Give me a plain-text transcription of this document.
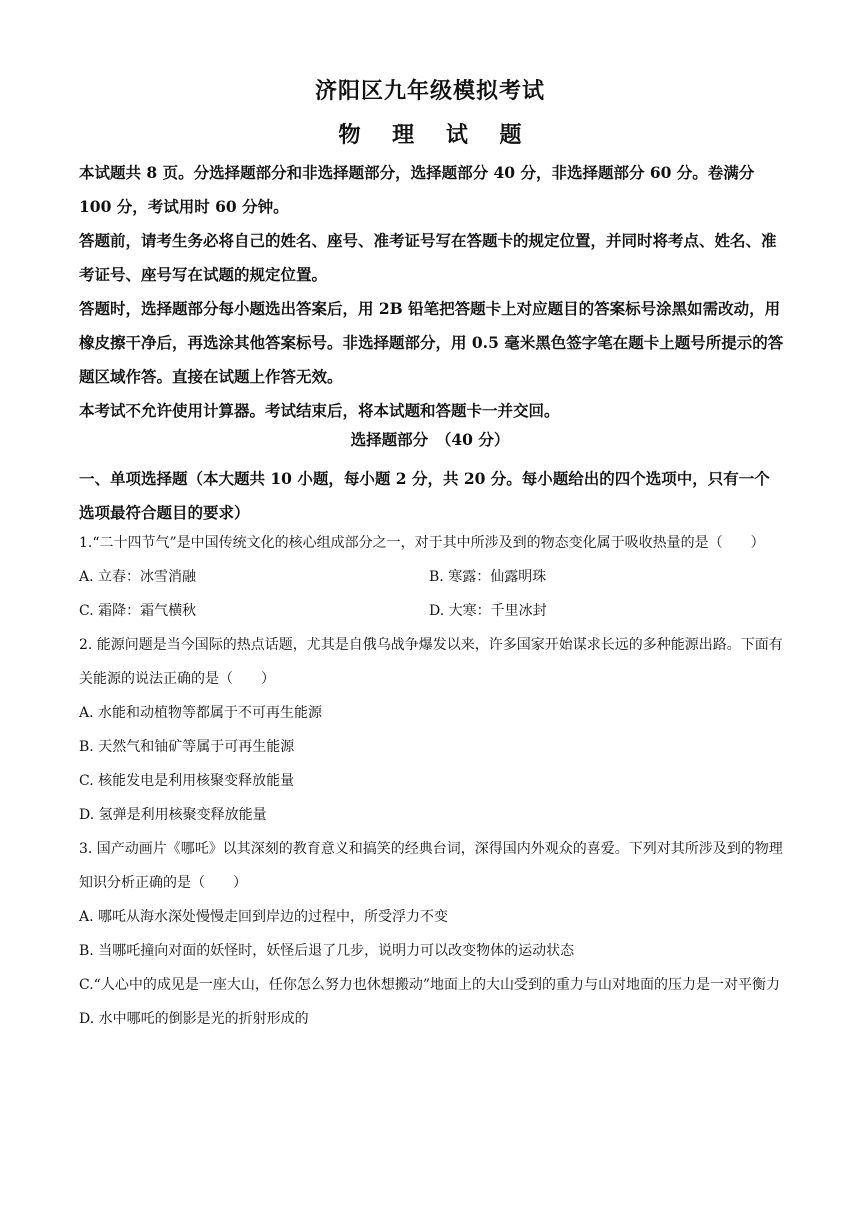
济阳区九年级模拟考试
物 理 试 题

本试题共 8 页。分选择题部分和非选择题部分，选择题部分 40 分，非选择题部分 60 分。卷满分 100 分，考试用时 60 分钟。

答题前，请考生务必将自己的姓名、座号、准考证号写在答题卡的规定位置，并同时将考点、姓名、准考证号、座号写在试题的规定位置。

答题时，选择题部分每小题选出答案后，用 2B 铅笔把答题卡上对应题目的答案标号涂黑如需改动，用橡皮擦干净后，再选涂其他答案标号。非选择题部分，用 0.5 毫米黑色签字笔在题卡上题号所提示的答题区域作答。直接在试题上作答无效。

本考试不允许使用计算器。考试结束后，将本试题和答题卡一并交回。

选择题部分　（40 分）
一、单项选择题（本大题共 10 小题，每小题 2 分，共 20 分。每小题给出的四个选项中，只有一个选项最符合题目的要求）

1.“二十四节气”是中国传统文化的核心组成部分之一，对于其中所涉及到的物态变化属于吸收热量的是（　　）

A. 立春：冰雪消融	B. 寒露：仙露明珠
C. 霜降：霜气横秋	D. 大寒：千里冰封

2. 能源问题是当今国际的热点话题，尤其是自俄乌战争爆发以来，许多国家开始谋求长远的多种能源出路。下面有关能源的说法正确的是（　　）

A. 水能和动植物等都属于不可再生能源

B. 天然气和铀矿等属于可再生能源

C. 核能发电是利用核聚变释放能量

D. 氢弹是利用核聚变释放能量

3. 国产动画片《哪吒》以其深刻的教育意义和搞笑的经典台词，深得国内外观众的喜爱。下列对其所涉及到的物理知识分析正确的是（　　）

A. 哪吒从海水深处慢慢走回到岸边的过程中，所受浮力不变

B. 当哪吒撞向对面的妖怪时，妖怪后退了几步，说明力可以改变物体的运动状态

C.“人心中的成见是一座大山，任你怎么努力也休想搬动”地面上的大山受到的重力与山对地面的压力是一对平衡力

D. 水中哪吒的倒影是光的折射形成的
